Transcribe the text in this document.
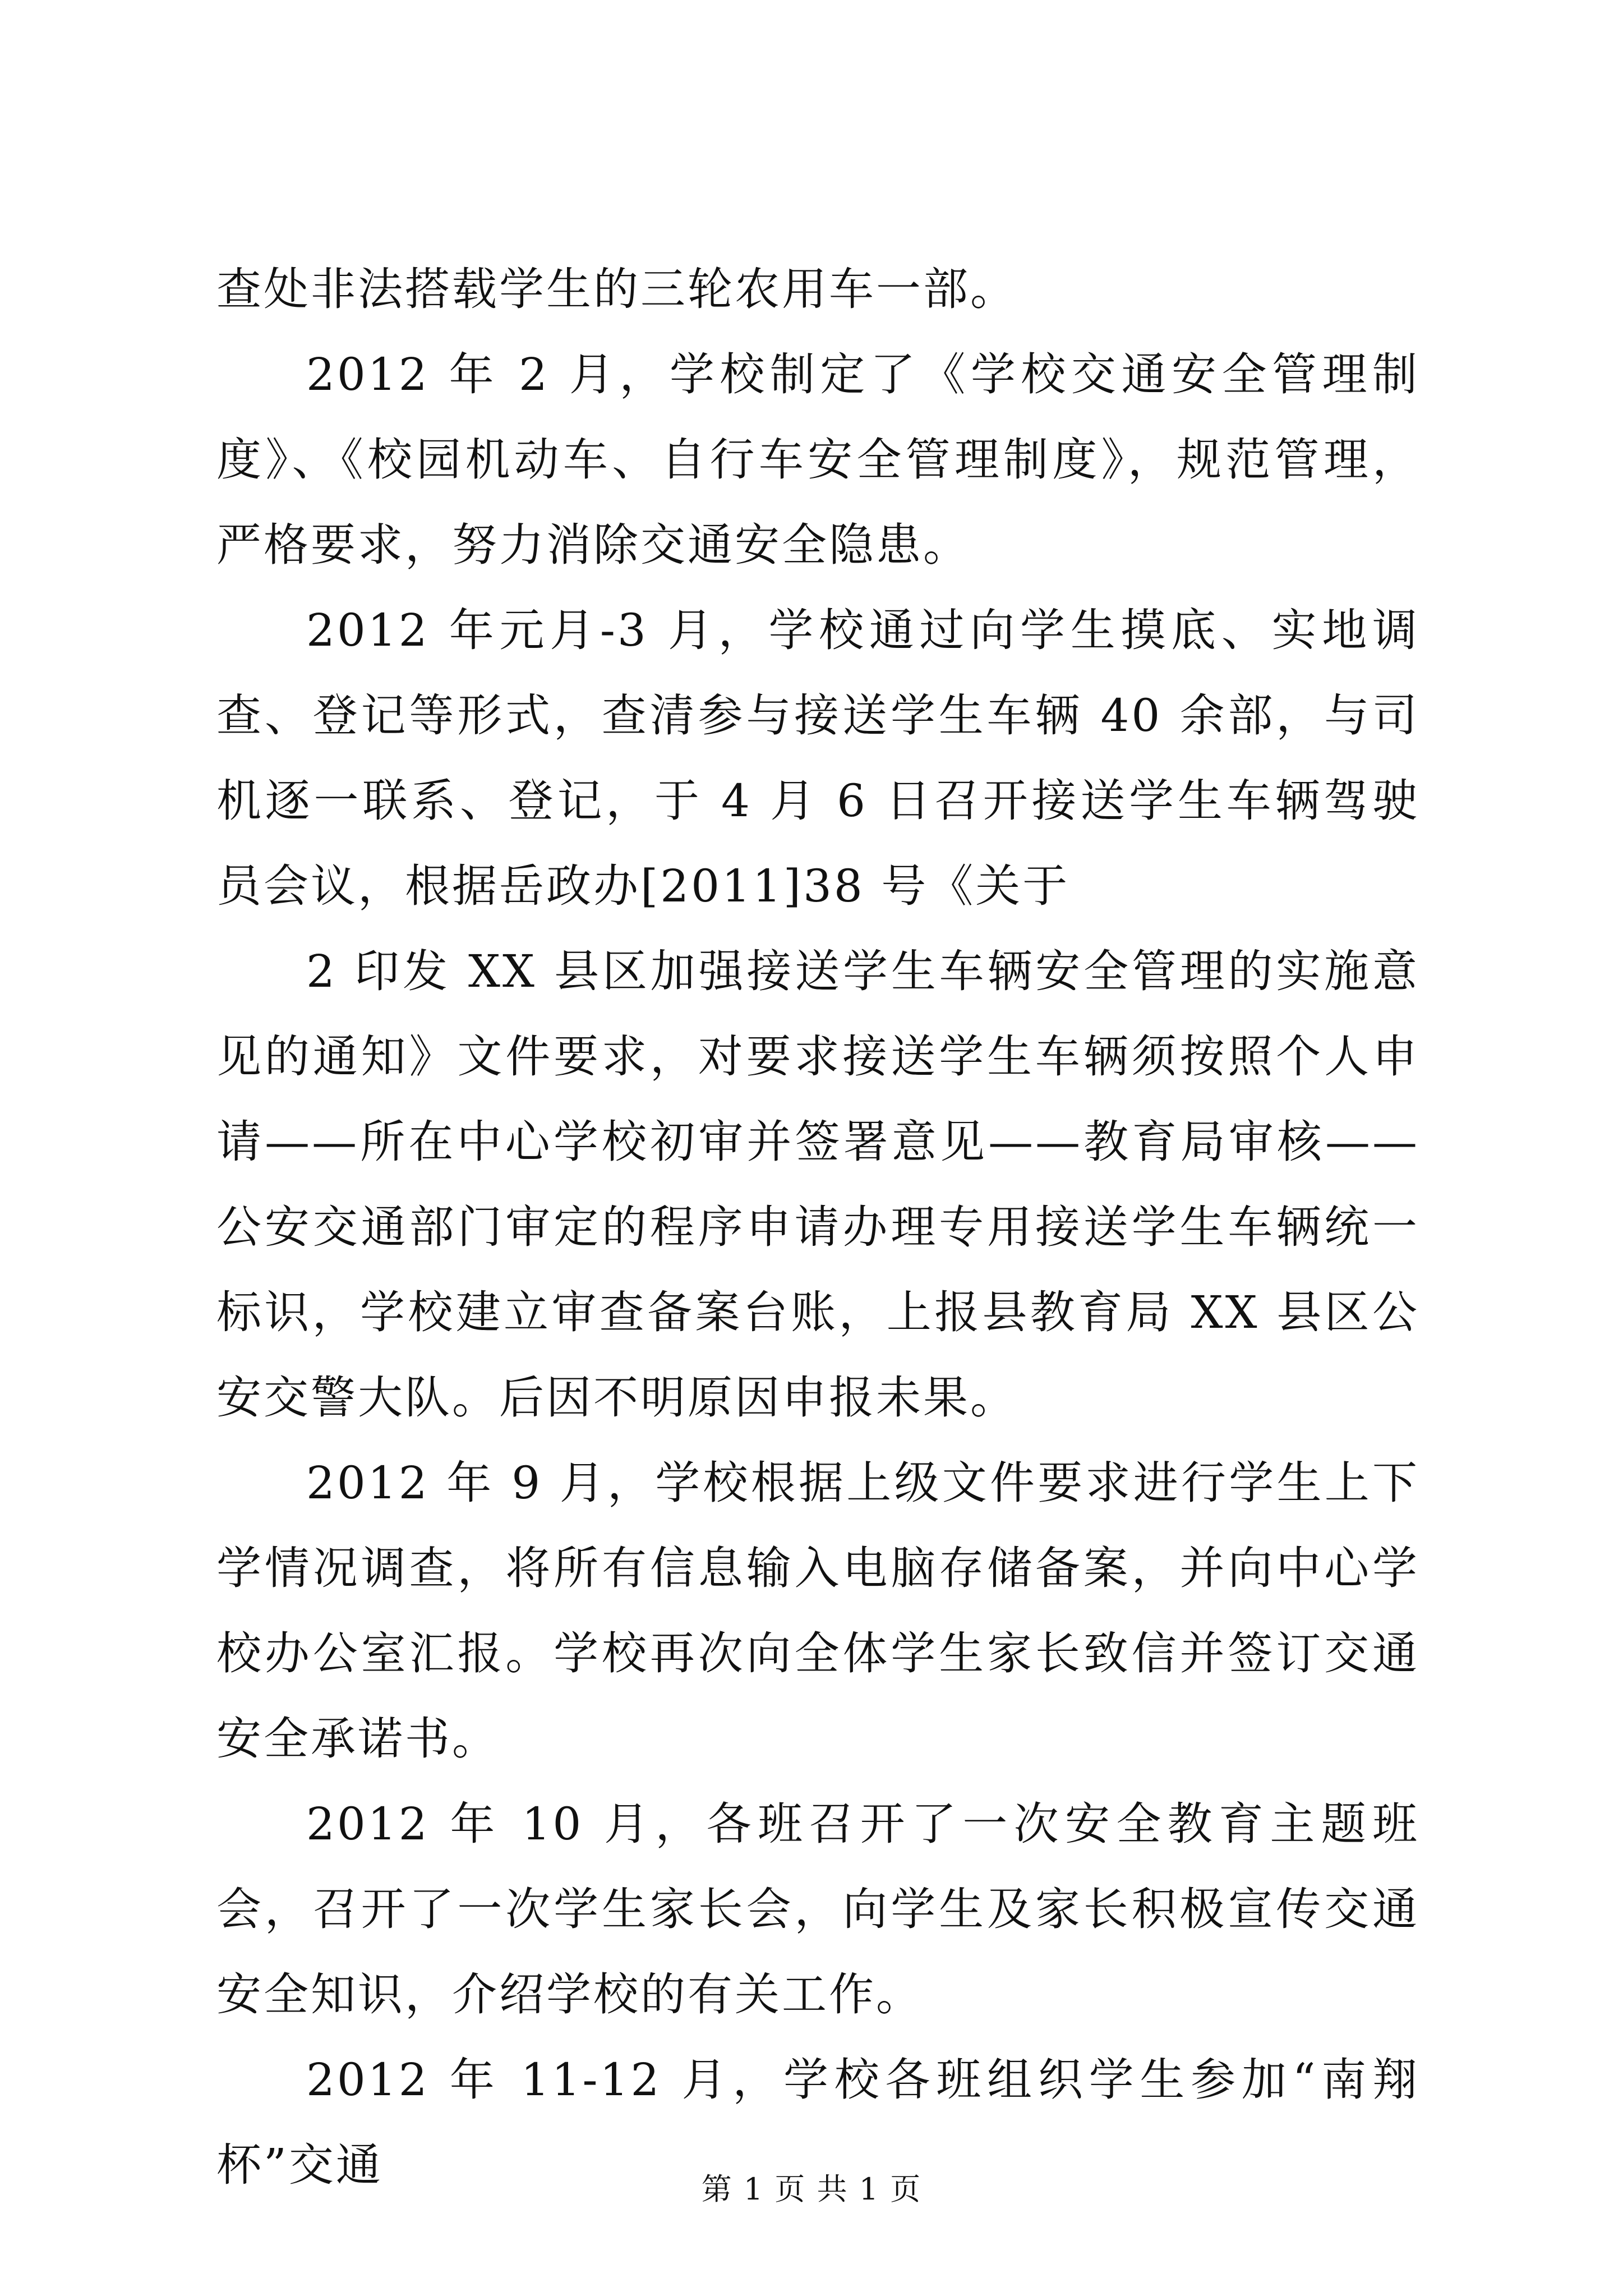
查处非法搭载学生的三轮农用车一部。

2012 年 2 月，学校制定了《学校交通安全管理制度》、《校园机动车、自行车安全管理制度》，规范管理，严格要求，努力消除交通安全隐患。

2012 年元月-3 月，学校通过向学生摸底、实地调查、登记等形式，查清参与接送学生车辆 40 余部，与司机逐一联系、登记，于 4 月 6 日召开接送学生车辆驾驶员会议，根据岳政办[2011]38 号《关于

2 印发 XX 县区加强接送学生车辆安全管理的实施意见的通知》文件要求，对要求接送学生车辆须按照个人申请——所在中心学校初审并签署意见——教育局审核——公安交通部门审定的程序申请办理专用接送学生车辆统一标识，学校建立审查备案台账，上报县教育局 XX 县区公安交警大队。后因不明原因申报未果。

2012 年 9 月，学校根据上级文件要求进行学生上下学情况调查，将所有信息输入电脑存储备案，并向中心学校办公室汇报。学校再次向全体学生家长致信并签订交通安全承诺书。

2012 年 10 月，各班召开了一次安全教育主题班会，召开了一次学生家长会，向学生及家长积极宣传交通安全知识，介绍学校的有关工作。

2012 年 11-12 月，学校各班组织学生参加“南翔杯”交通	第 1 页 共 1 页
